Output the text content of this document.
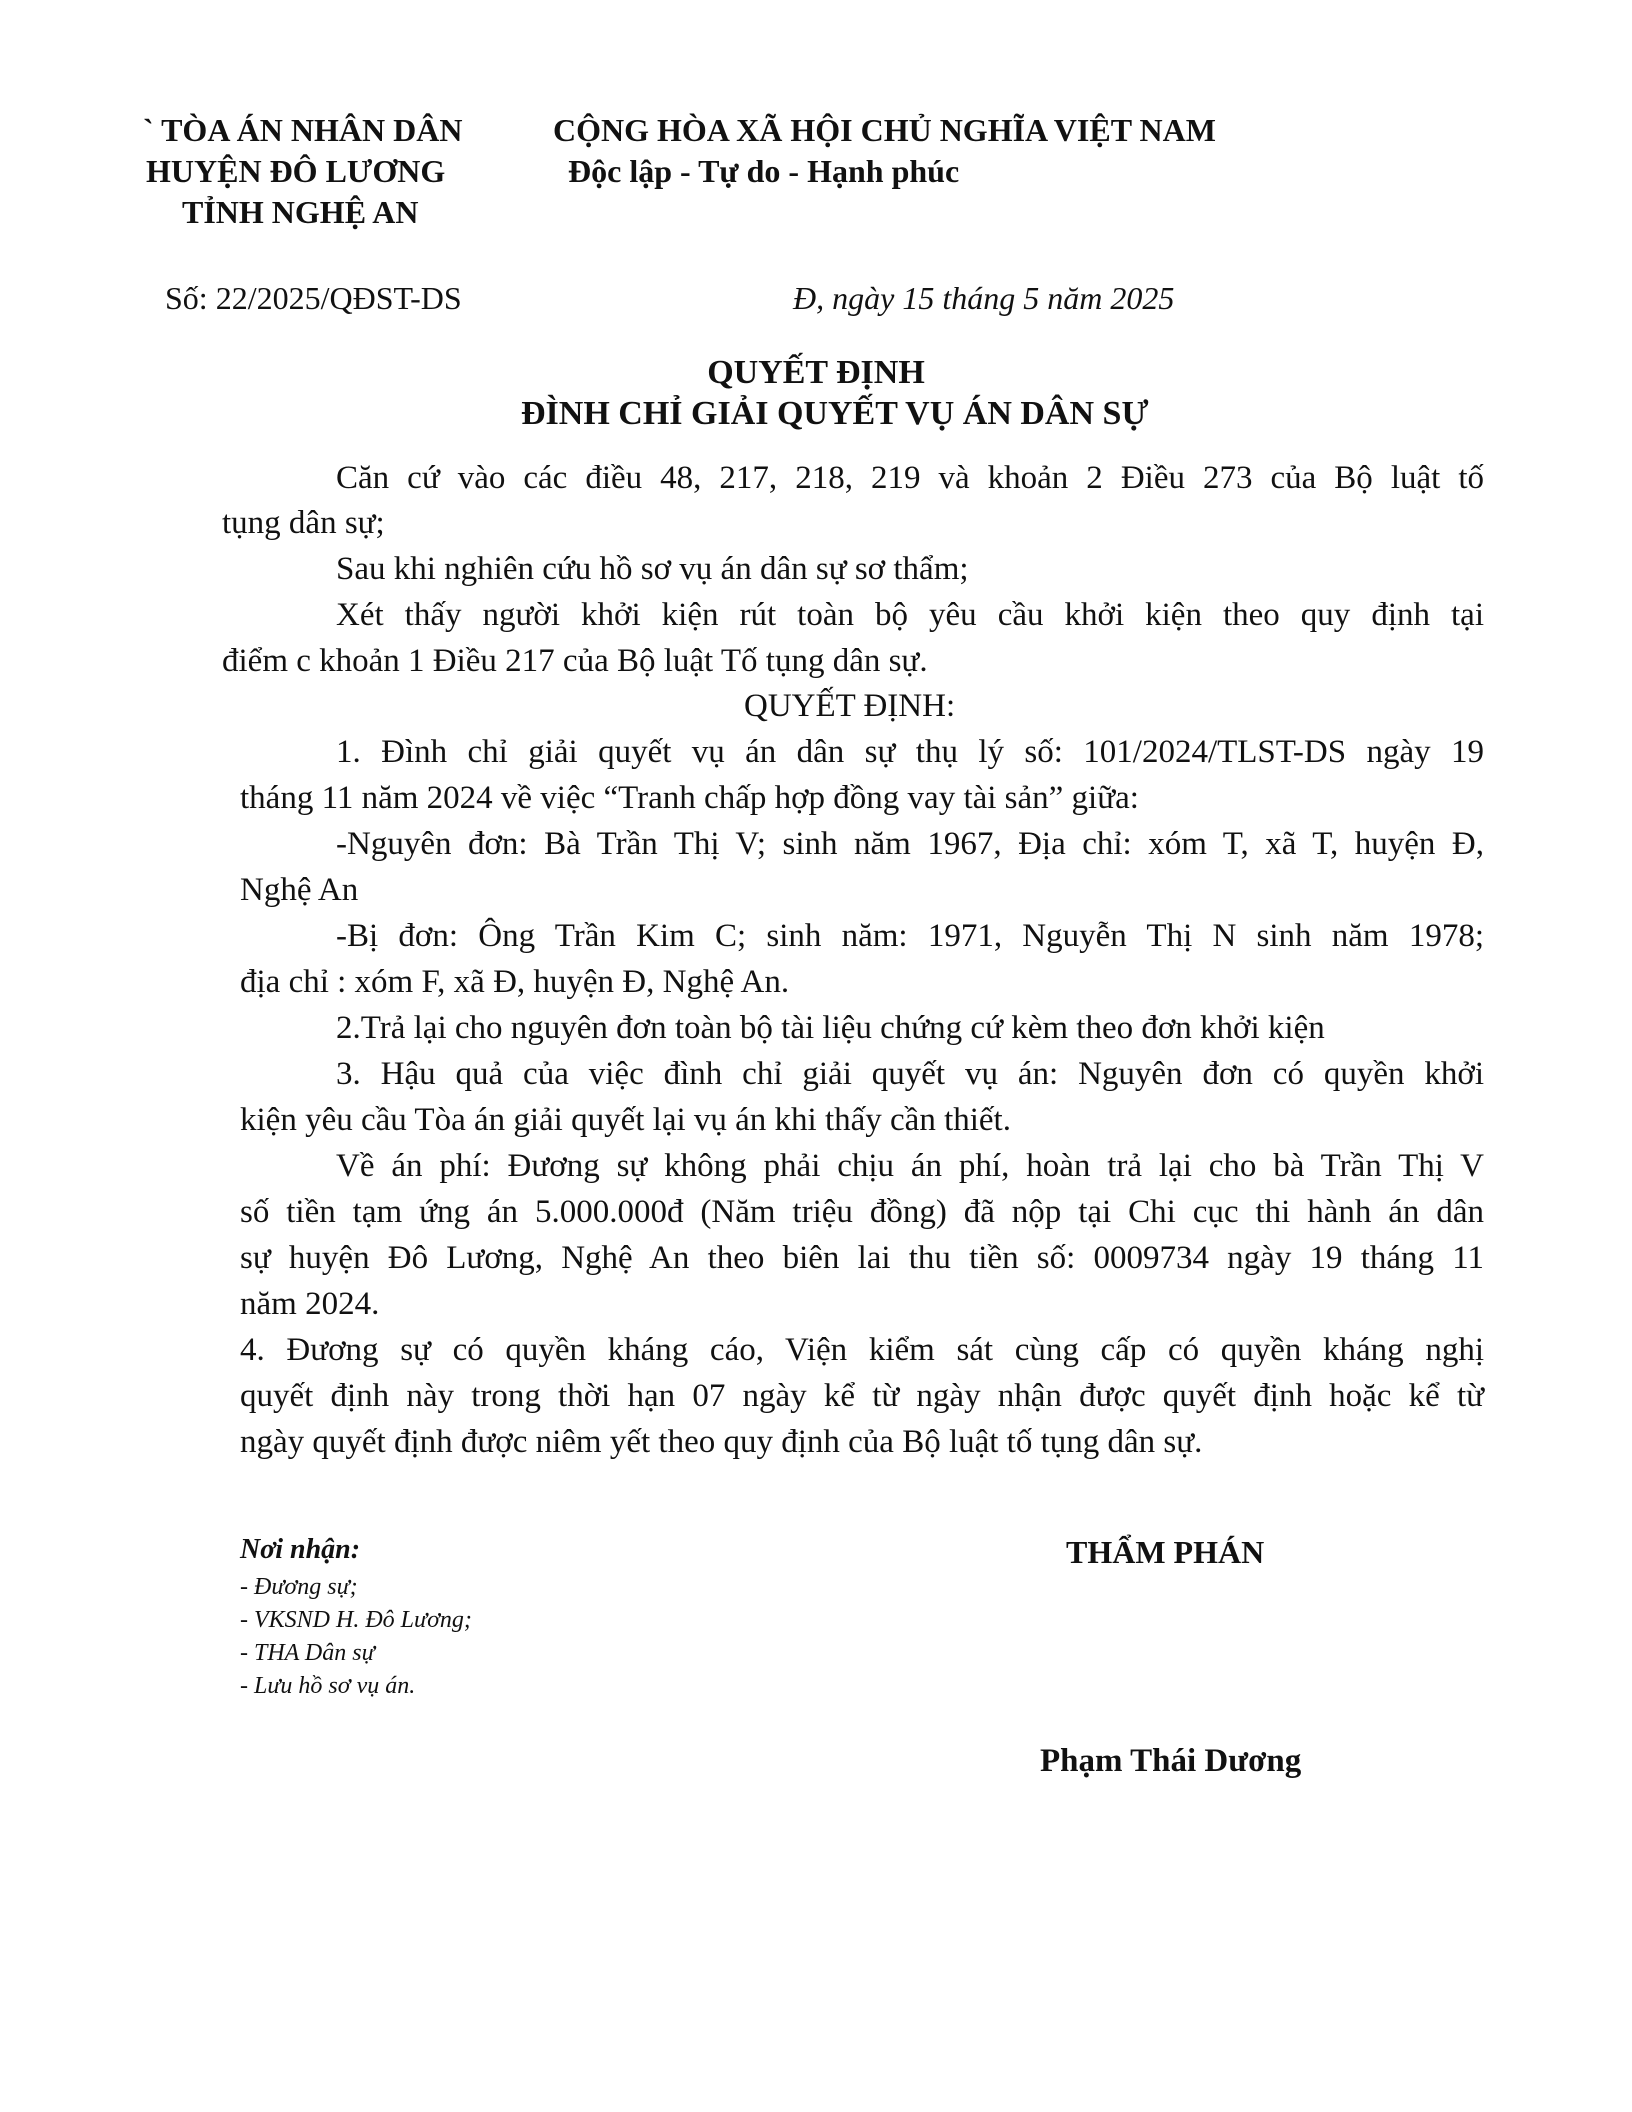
` TÒA ÁN NHÂN DÂN
HUYỆN ĐÔ LƯƠNG
TỈNH NGHỆ AN
CỘNG HÒA XÃ HỘI CHỦ NGHĨA VIỆT NAM
Độc lập - Tự do - Hạnh phúc
Số: 22/2025/QĐST-DS	Đ, ngày 15 tháng 5 năm 2025
QUYẾT ĐỊNH
ĐÌNH CHỈ GIẢI QUYẾT VỤ ÁN DÂN SỰ
Căn cứ vào các điều 48, 217, 218, 219 và khoản 2 Điều 273 của Bộ luật tố
tụng dân sự;
Sau khi nghiên cứu hồ sơ vụ án dân sự sơ thẩm;
Xét thấy người khởi kiện rút toàn bộ yêu cầu khởi kiện theo quy định tại
điểm c khoản 1 Điều 217 của Bộ luật Tố tụng dân sự.
QUYẾT ĐỊNH:
1. Đình chỉ giải quyết vụ án dân sự thụ lý số: 101/2024/TLST-DS ngày 19
tháng 11 năm 2024 về việc “Tranh chấp hợp đồng vay tài sản” giữa:
-Nguyên đơn: Bà Trần Thị V; sinh năm 1967, Địa chỉ: xóm T, xã T, huyện Đ,
Nghệ An
-Bị đơn: Ông Trần Kim C; sinh năm: 1971, Nguyễn Thị N sinh năm 1978;
địa chỉ : xóm F, xã Đ, huyện Đ, Nghệ An.
2.Trả lại cho nguyên đơn toàn bộ tài liệu chứng cứ kèm theo đơn khởi kiện
3. Hậu quả của việc đình chỉ giải quyết vụ án: Nguyên đơn có quyền khởi
kiện yêu cầu Tòa án giải quyết lại vụ án khi thấy cần thiết.
Về án phí: Đương sự không phải chịu án phí, hoàn trả lại cho bà Trần Thị V
số tiền tạm ứng án 5.000.000đ (Năm triệu đồng) đã nộp tại Chi cục thi hành án dân
sự huyện Đô Lương, Nghệ An theo biên lai thu tiền số: 0009734 ngày 19 tháng 11
năm 2024.
4. Đương sự có quyền kháng cáo, Viện kiểm sát cùng cấp có quyền kháng nghị
quyết định này trong thời hạn 07 ngày kể từ ngày nhận được quyết định hoặc kể từ
ngày quyết định được niêm yết theo quy định của Bộ luật tố tụng dân sự.
Nơi nhận:
- Đương sự;
- VKSND H. Đô Lương;
- THA Dân sự
- Lưu hồ sơ vụ án.
THẨM PHÁN
Phạm Thái Dương
